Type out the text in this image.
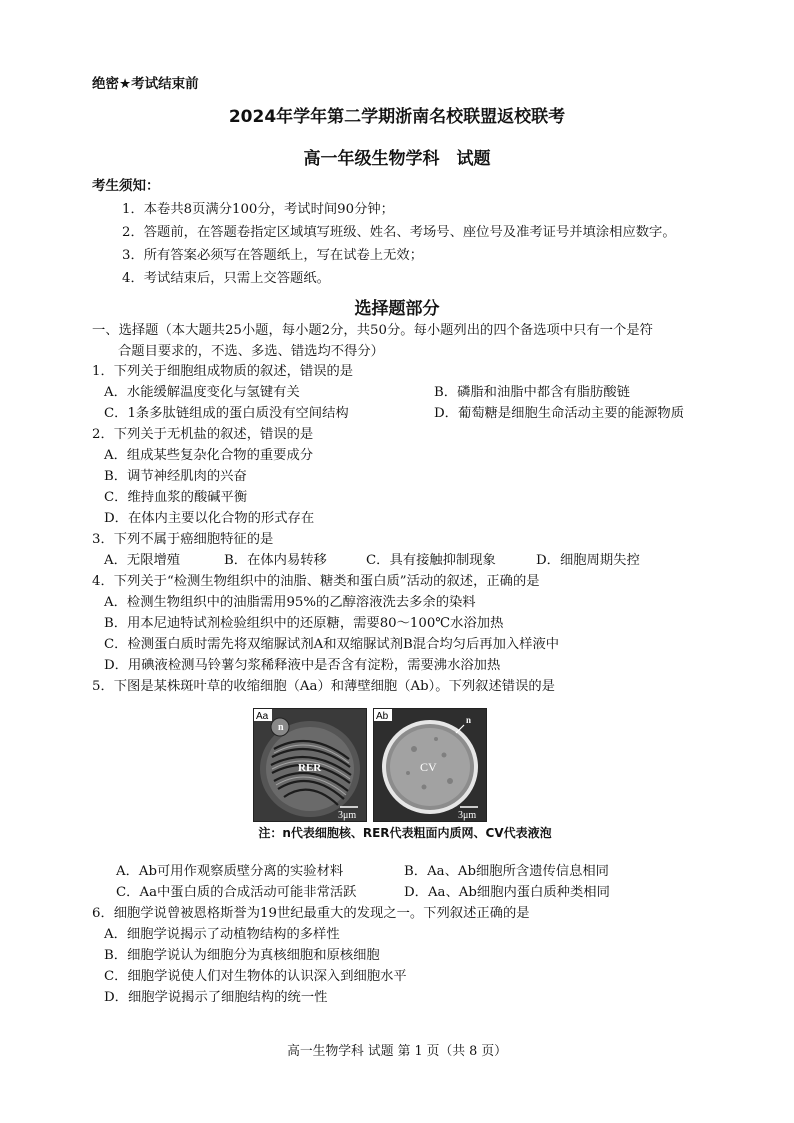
绝密★考试结束前
2024年学年第二学期浙南名校联盟返校联考
高一年级生物学科　试题
考生须知：
1．本卷共8页满分100分，考试时间90分钟；
2．答题前，在答题卷指定区域填写班级、姓名、考场号、座位号及准考证号并填涂相应数字。
3．所有答案必须写在答题纸上，写在试卷上无效；
4．考试结束后，只需上交答题纸。
选择题部分
一、选择题（本大题共25小题，每小题2分，共50分。每小题列出的四个备选项中只有一个是符
合题目要求的，不选、多选、错选均不得分）
1．下列关于细胞组成物质的叙述，错误的是
A．水能缓解温度变化与氢键有关	B．磷脂和油脂中都含有脂肪酸链
C．1条多肽链组成的蛋白质没有空间结构	D．葡萄糖是细胞生命活动主要的能源物质
2．下列关于无机盐的叙述，错误的是
A．组成某些复杂化合物的重要成分
B．调节神经肌肉的兴奋
C．维持血浆的酸碱平衡
D．在体内主要以化合物的形式存在
3．下列不属于癌细胞特征的是
A．无限增殖	B．在体内易转移	C．具有接触抑制现象	D．细胞周期失控
4．下列关于“检测生物组织中的油脂、糖类和蛋白质”活动的叙述，正确的是
A．检测生物组织中的油脂需用95%的乙醇溶液洗去多余的染料
B．用本尼迪特试剂检验组织中的还原糖，需要80～100℃水浴加热
C．检测蛋白质时需先将双缩脲试剂A和双缩脲试剂B混合均匀后再加入样液中
D．用碘液检测马铃薯匀浆稀释液中是否含有淀粉，需要沸水浴加热
5．下图是某株斑叶草的收缩细胞（Aa）和薄壁细胞（Ab）。下列叙述错误的是
Aa
n
RER
3μm
Ab	n
CV
3μm
注：n代表细胞核、RER代表粗面内质网、CV代表液泡
A．Ab可用作观察质壁分离的实验材料	B．Aa、Ab细胞所含遗传信息相同
C．Aa中蛋白质的合成活动可能非常活跃	D．Aa、Ab细胞内蛋白质种类相同
6．细胞学说曾被恩格斯誉为19世纪最重大的发现之一。下列叙述正确的是
A．细胞学说揭示了动植物结构的多样性
B．细胞学说认为细胞分为真核细胞和原核细胞
C．细胞学说使人们对生物体的认识深入到细胞水平
D．细胞学说揭示了细胞结构的统一性
高一生物学科 试题 第 1 页（共 8 页）
